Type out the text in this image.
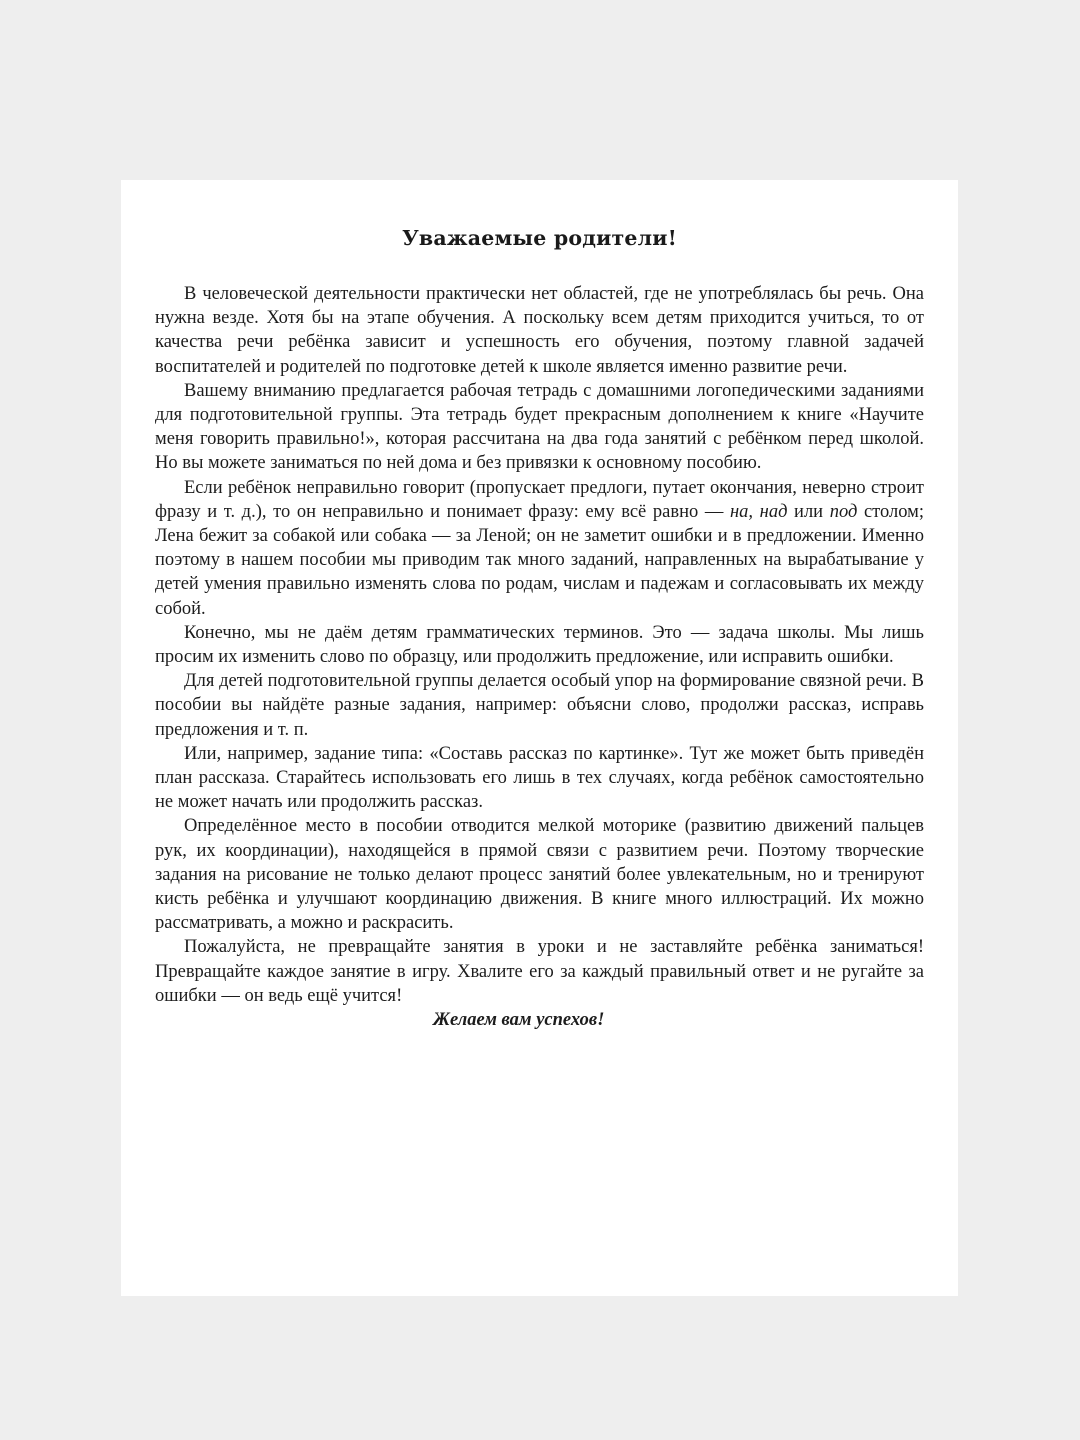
Уважаемые родители!

В человеческой деятельности практически нет областей, где не употреблялась бы речь. Она нужна везде. Хотя бы на этапе обучения. А поскольку всем детям приходится учиться, то от качества речи ребёнка зависит и успешность его обучения, поэтому главной задачей воспитателей и родителей по подготовке детей к школе является именно развитие речи.

Вашему вниманию предлагается рабочая тетрадь с домашними логопедическими заданиями для подготовительной группы. Эта тетрадь будет прекрасным дополнением к книге «Научите меня говорить правильно!», которая рассчитана на два года занятий с ребёнком перед школой. Но вы можете заниматься по ней дома и без привязки к основному пособию.

Если ребёнок неправильно говорит (пропускает предлоги, путает окончания, неверно строит фразу и т. д.), то он неправильно и понимает фразу: ему всё равно — на, над или под столом; Лена бежит за собакой или собака — за Леной; он не заметит ошибки и в предложении. Именно поэтому в нашем пособии мы приводим так много заданий, направленных на вырабатывание у детей умения правильно изменять слова по родам, числам и падежам и согласовывать их между собой.

Конечно, мы не даём детям грамматических терминов. Это — задача школы. Мы лишь просим их изменить слово по образцу, или продолжить предложение, или исправить ошибки.

Для детей подготовительной группы делается особый упор на формирование связной речи. В пособии вы найдёте разные задания, например: объясни слово, продолжи рассказ, исправь предложения и т. п.

Или, например, задание типа: «Составь рассказ по картинке». Тут же может быть приведён план рассказа. Старайтесь использовать его лишь в тех случаях, когда ребёнок самостоятельно не может начать или продолжить рассказ.

Определённое место в пособии отводится мелкой моторике (развитию движений пальцев рук, их координации), находящейся в прямой связи с развитием речи. Поэтому творческие задания на рисование не только делают процесс занятий более увлекательным, но и тренируют кисть ребёнка и улучшают координацию движения. В книге много иллюстраций. Их можно рассматривать, а можно и раскрасить.

Пожалуйста, не превращайте занятия в уроки и не заставляйте ребёнка заниматься! Превращайте каждое занятие в игру. Хвалите его за каждый правильный ответ и не ругайте за ошибки — он ведь ещё учится!

Желаем вам успехов!
